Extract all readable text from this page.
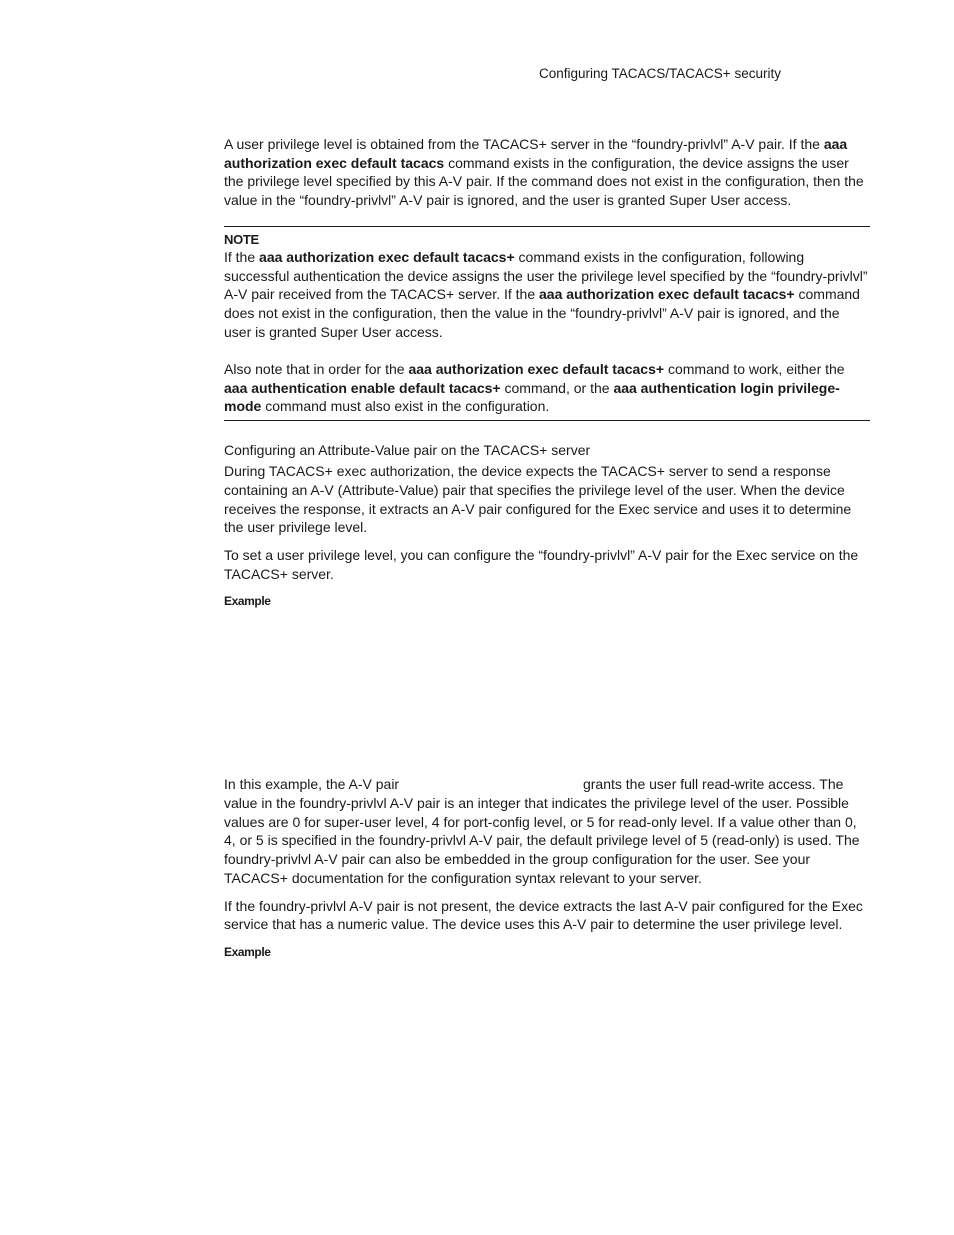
Configuring TACACS/TACACS+ security

A user privilege level is obtained from the TACACS+ server in the “foundry-privlvl” A-V pair. If the aaa authorization exec default tacacs command exists in the configuration, the device assigns the user the privilege level specified by this A-V pair. If the command does not exist in the configuration, then the value in the “foundry-privlvl” A-V pair is ignored, and the user is granted Super User access.

NOTE

If the aaa authorization exec default tacacs+ command exists in the configuration, following successful authentication the device assigns the user the privilege level specified by the “foundry-privlvl” A-V pair received from the TACACS+ server. If the aaa authorization exec default tacacs+ command does not exist in the configuration, then the value in the “foundry-privlvl” A-V pair is ignored, and the user is granted Super User access.

Also note that in order for the aaa authorization exec default tacacs+ command to work, either the aaa authentication enable default tacacs+ command, or the aaa authentication login privilege-mode command must also exist in the configuration.

Configuring an Attribute-Value pair on the TACACS+ server

During TACACS+ exec authorization, the device expects the TACACS+ server to send a response containing an A-V (Attribute-Value) pair that specifies the privilege level of the user. When the device receives the response, it extracts an A-V pair configured for the Exec service and uses it to determine the user privilege level.

To set a user privilege level, you can configure the “foundry-privlvl” A-V pair for the Exec service on the TACACS+ server.

Example

In this example, the A-V pair	grants the user full read-write access. The value in the foundry-privlvl A-V pair is an integer that indicates the privilege level of the user. Possible values are 0 for super-user level, 4 for port-config level, or 5 for read-only level. If a value other than 0, 4, or 5 is specified in the foundry-privlvl A-V pair, the default privilege level of 5 (read-only) is used. The foundry-privlvl A-V pair can also be embedded in the group configuration for the user. See your TACACS+ documentation for the configuration syntax relevant to your server.

If the foundry-privlvl A-V pair is not present, the device extracts the last A-V pair configured for the Exec service that has a numeric value. The device uses this A-V pair to determine the user privilege level.

Example
